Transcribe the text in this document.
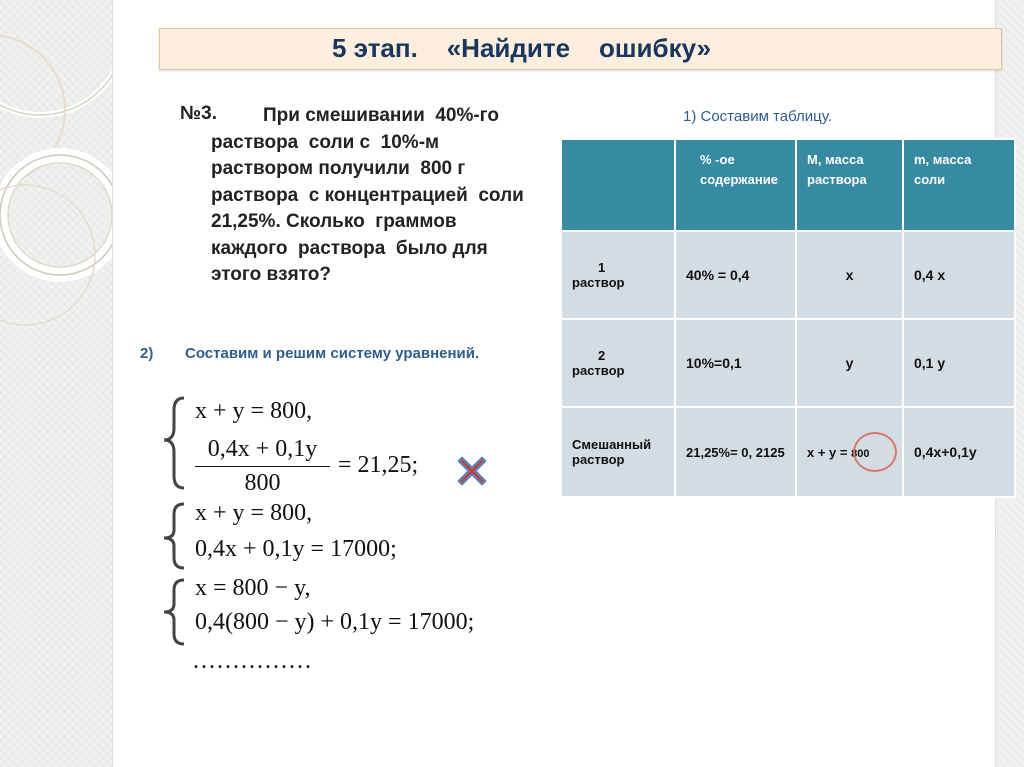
5 этап.    «Найдите    ошибку»
№3.	При смешивании  40%-го
раствора  соли с  10%-м
раствором получили  800 г
раствора  с концентрацией  соли
21,25%. Сколько  граммов
каждого  раствора  было для
этого взято?
1) Составим таблицу.
2) Составим и решим систему уравнений.

	% -ое содержание	М, масса раствора	m, масса соли

1
раствор	40% = 0,4	x	0,4 x

2
раствор	10%=0,1	y	0,1 y

Смешанный
раствор	21,25%= 0, 2125	x + y = 800	0,4x+0,1y
x + y = 800,
0,4x + 0,1y
800
= 21,25;
x + y = 800,
0,4x + 0,1y = 17000;
x = 800 − y,
0,4(800 − y) + 0,1y = 17000;
……………
